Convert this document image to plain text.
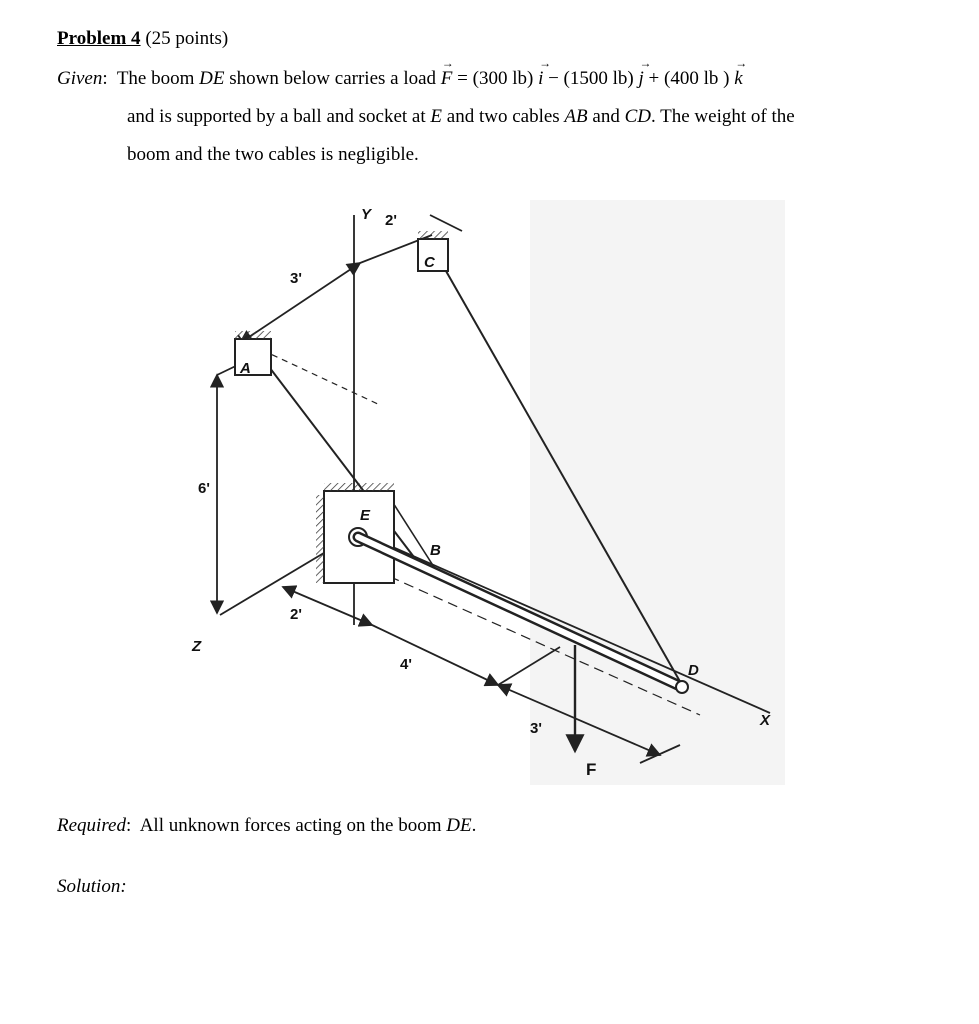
Problem 4 (25 points)
Given:  The boom DE shown below carries a load → F = (300 lb) → i − (1500 lb) → j + (400 lb ) → k
and is supported by a ball and socket at E and two cables AB and CD. The weight of the
boom and the two cables is negligible.
Y
X
Z
A
B
C
D
E
F
3'
2'
6'
2'
4'
3'
Required:  All unknown forces acting on the boom DE.
Solution:
